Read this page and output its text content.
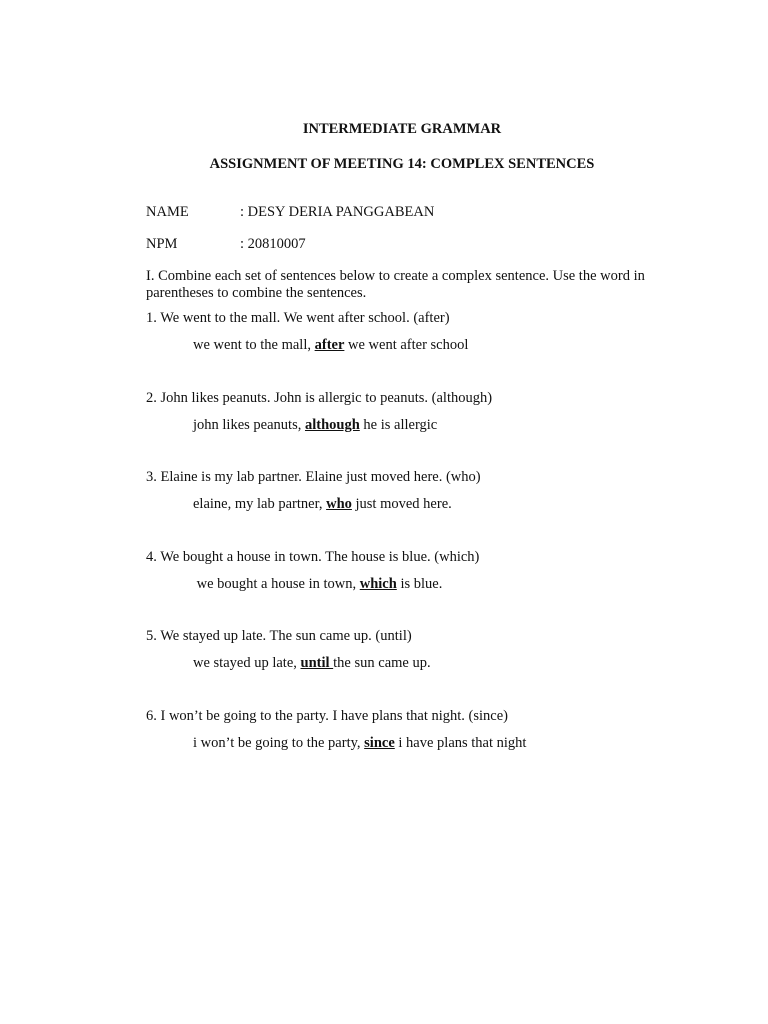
INTERMEDIATE GRAMMAR
ASSIGNMENT OF MEETING 14: COMPLEX SENTENCES
NAME	: DESY DERIA PANGGABEAN
NPM	: 20810007
I. Combine each set of sentences below to create a complex sentence. Use the word in parentheses to combine the sentences.
1. We went to the mall. We went after school. (after)
we went to the mall, after we went after school
2. John likes peanuts. John is allergic to peanuts. (although)
john likes peanuts, although he is allergic
3. Elaine is my lab partner. Elaine just moved here. (who)
elaine, my lab partner, who just moved here.
4. We bought a house in town. The house is blue. (which)
we bought a house in town, which is blue.
5. We stayed up late. The sun came up. (until)
we stayed up late, until the sun came up.
6. I won’t be going to the party. I have plans that night. (since)
i won’t be going to the party, since i have plans that night
